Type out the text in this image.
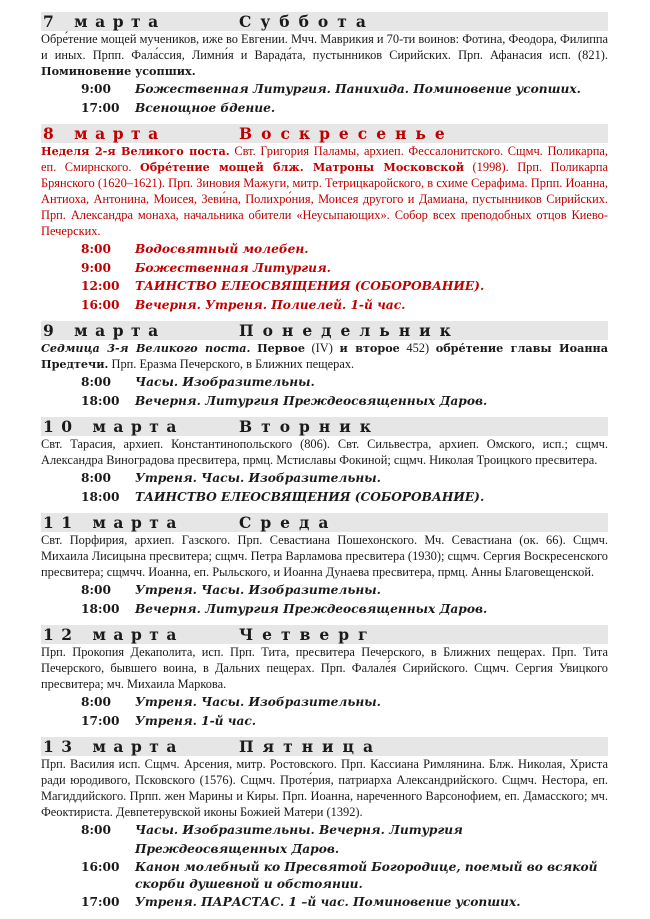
7 марта	Суббота

Обре́тение мощей мучеников, иже во Евгении. Мчч. Маврикия и 70-ти воинов: Фотина, Феодора, Филиппа и иных. Прпп. Фала́ссия, Лимни́я и Варада́та, пустынников Сирийских. Прп. Афанасия исп. (821). Поминовение усопших.

9:00	Божественная Литургия. Панихида. Поминовение усопших.
17:00	Всенощное бдение.
8 марта	Воскресенье

Неделя 2-я Великого поста. Свт. Григория Паламы, архиеп. Фессалонитского. Сщмч. Поликарпа, еп. Смирнского. Обре́тение мощей блж. Матроны Московской (1998). Прп. Поликарпа Брянского (1620–1621). Прп. Зиновия Мажуги, митр. Тетрицкаройского, в схиме Серафима. Прпп. Иоанна, Антиоха, Антонина, Моисея, Зеви́на, Полихро́ния, Моисея другого и Дамиана, пустынников Сирийских. Прп. Александра монаха, начальника обители «Неусыпающих». Собор всех преподобных отцов Киево-Печерских.

8:00	Водосвятный молебен.
9:00	Божественная Литургия.
12:00	ТАИНСТВО ЕЛЕОСВЯЩЕНИЯ (СОБОРОВАНИЕ).
16:00	Вечерня. Утреня. Полиелей. 1-й час.
9 марта	Понедельник

Седмица 3-я Великого поста. Первое (IV) и второе 452) обре́тение главы Иоанна Предтечи. Прп. Еразма Печерского, в Ближних пещерах.

8:00	Часы. Изобразительны.
18:00	Вечерня. Литургия Преждеосвященных Даров.
10 марта	Вторник

Свт. Тарасия, архиеп. Константинопольского (806). Свт. Сильвестра, архиеп. Омского, исп.; сщмч. Александра Виноградова пресвитера, прмц. Мстиславы Фокиной; сщмч. Николая Троицкого пресвитера.

8:00	Утреня. Часы. Изобразительны.
18:00	ТАИНСТВО ЕЛЕОСВЯЩЕНИЯ (СОБОРОВАНИЕ).
11 марта	Среда

Свт. Порфирия, архиеп. Газского. Прп. Севастиана Пошехонского. Мч. Севастиана (ок. 66). Сщмч. Михаила Лисицына пресвитера; сщмч. Петра Варламова пресвитера (1930); сщмч. Сергия Воскресенского пресвитера; сщмчч. Иоанна, еп. Рыльского, и Иоанна Дунаева пресвитера, прмц. Анны Благовещенской.

8:00	Утреня. Часы. Изобразительны.
18:00	Вечерня. Литургия Преждеосвященных Даров.
12 марта	Четверг

Прп. Прокопия Декаполита, исп. Прп. Тита, пресвитера Печерского, в Ближних пещерах. Прп. Тита Печерского, бывшего воина, в Дальних пещерах. Прп. Фалале́я Сирийского. Сщмч. Сергия Увицкого пресвитера; мч. Михаила Маркова.

8:00	Утреня. Часы. Изобразительны.
17:00	Утреня. 1-й час.
13 марта	Пятница

Прп. Василия исп. Сщмч. Арсения, митр. Ростовского. Прп. Кассиана Римлянина. Блж. Николая, Христа ради юродивого, Псковского (1576). Сщмч. Проте́рия, патриарха Александрийского. Сщмч. Нестора, еп. Магиддийского. Прпп. жен Марины и Киры. Прп. Иоанна, нареченного Варсонофием, еп. Дамасского; мч. Феоктириста. Девпетерувской иконы Божией Матери (1392).

8:00	Часы. Изобразительны. Вечерня. Литургия Преждеосвященных Даров.
16:00	Канон молебный ко Пресвятой Богородице, поемый во всякой скорби душевной и обстоянии.
17:00	Утреня. ПАРАСТАС. 1 –й час. Поминовение усопших.
